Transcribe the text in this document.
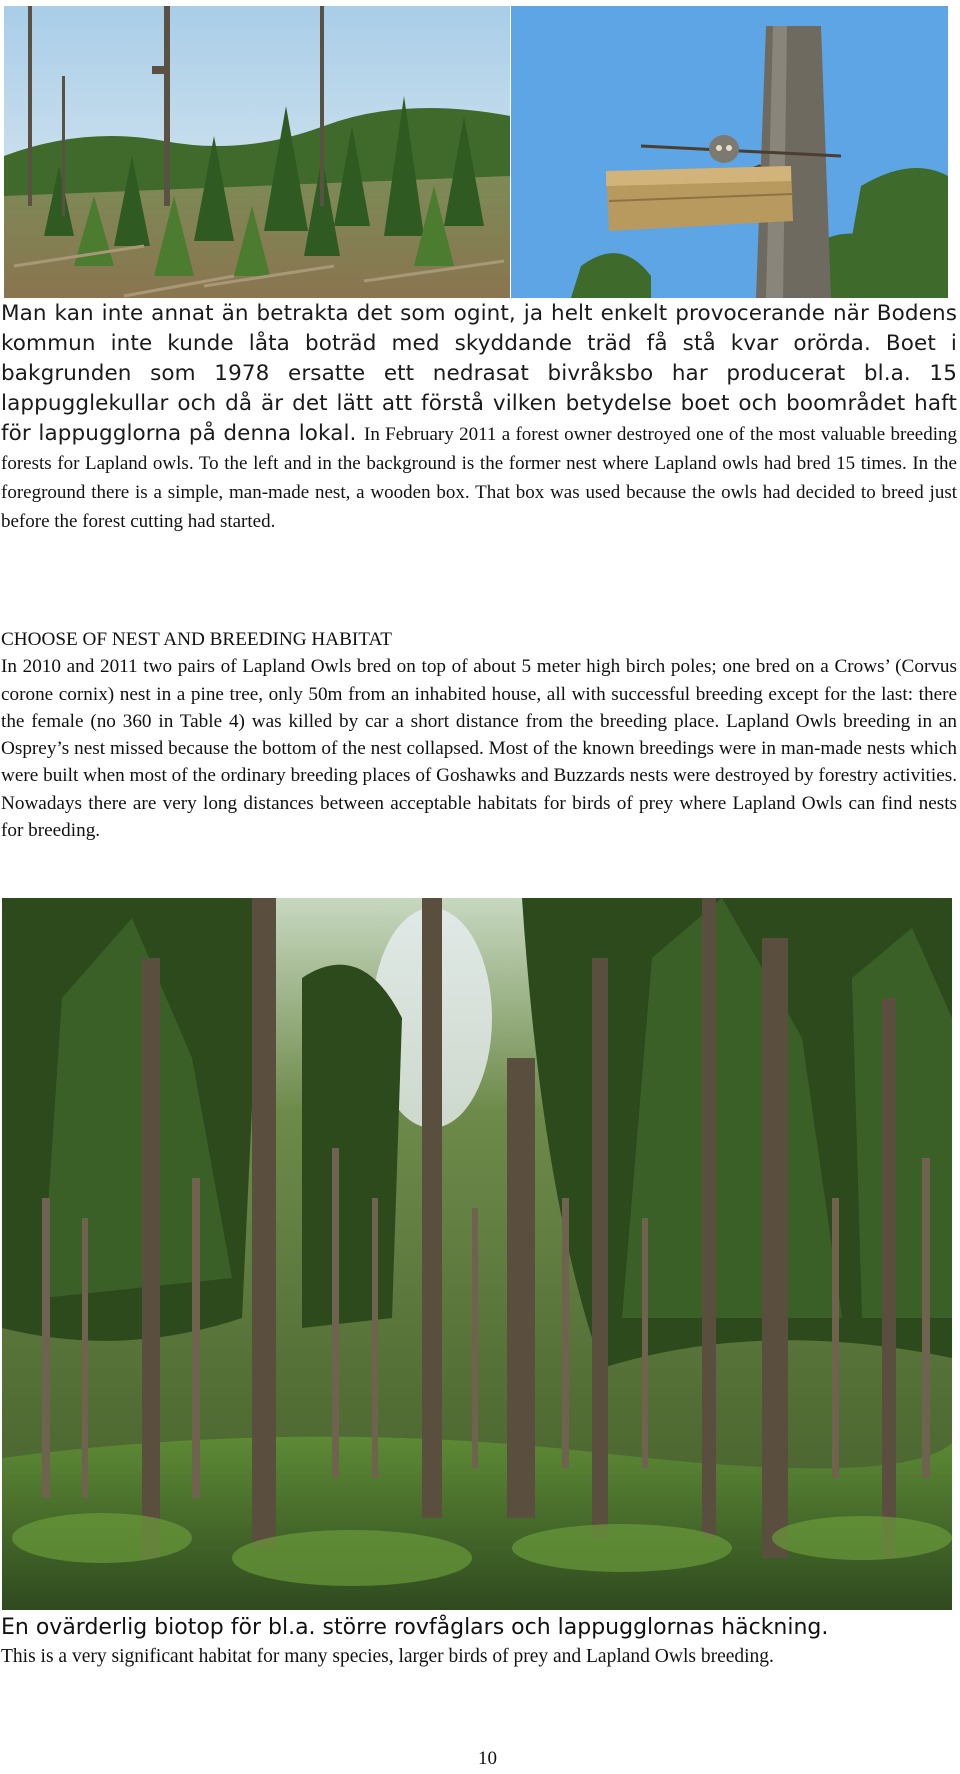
Man kan inte annat än betrakta det som ogint, ja helt enkelt provocerande när Bodens kommun inte kunde låta boträd med skyddande träd få stå kvar orörda. Boet i bakgrunden som 1978 ersatte ett nedrasat bivråksbo har producerat bl.a. 15 lappugglekullar och då är det lätt att förstå vilken betydelse boet och boområdet haft för lappugglorna på denna lokal. In February 2011 a forest owner destroyed one of the most valuable breeding forests for Lapland owls. To the left and in the background is the former nest where Lapland owls had bred 15 times. In the foreground there is a simple, man-made nest, a wooden box. That box was used because the owls had decided to breed just before the forest cutting had started.
CHOOSE OF NEST AND BREEDING HABITAT
In 2010 and 2011 two pairs of Lapland Owls bred on top of about 5 meter high birch poles; one bred on a Crows’ (Corvus corone cornix) nest in a pine tree, only 50m from an inhabited house, all with successful breeding except for the last: there the female (no 360 in Table 4) was killed by car a short distance from the breeding place. Lapland Owls breeding in an Osprey’s nest missed because the bottom of the nest collapsed. Most of the known breedings were in man-made nests which were built when most of the ordinary breeding places of Goshawks and Buzzards nests were destroyed by forestry activities. Nowadays there are very long distances between acceptable habitats for birds of prey where Lapland Owls can find nests for breeding.
En ovärderlig biotop för bl.a. större rovfåglars och lappugglornas häckning.
This is a very significant habitat for many species, larger birds of prey and Lapland Owls breeding.
10
